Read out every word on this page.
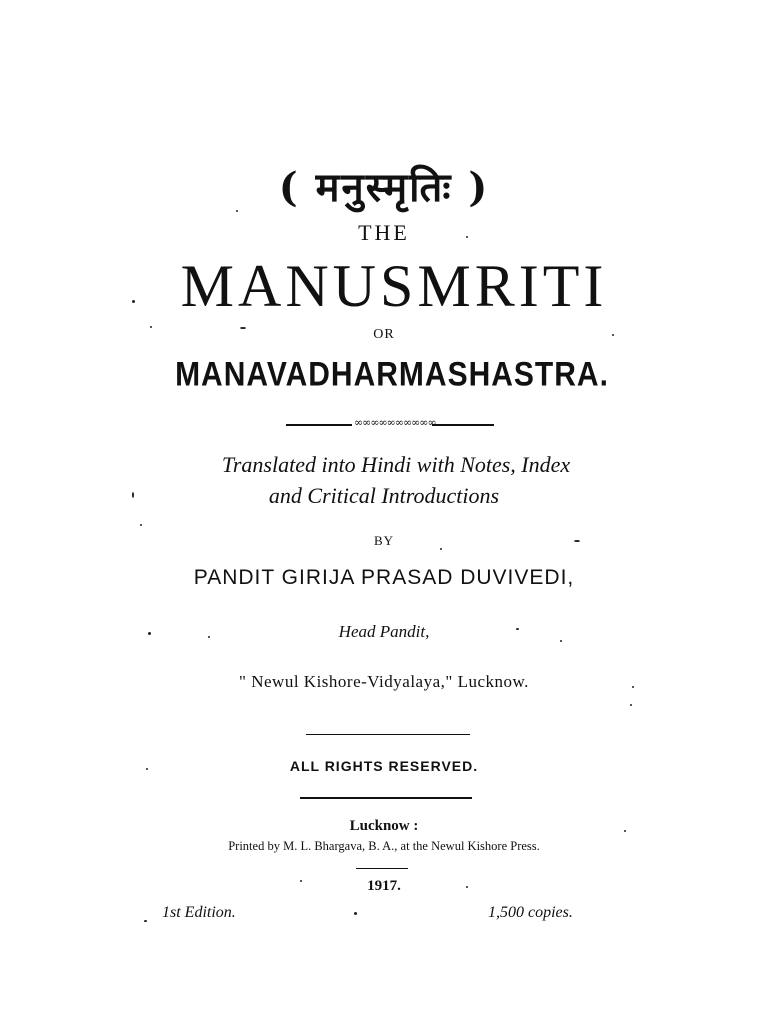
( मनुस्मृतिः )
THE
MANUSMRITI
OR
MANAVADHARMASHASTRA.
∞∞∞∞∞∞∞∞∞∞
Translated into Hindi with Notes, Index
and Critical Introductions
BY
PANDIT GIRIJA PRASAD DUVIVEDI,
Head Pandit,
" Newul Kishore-Vidyalaya," Lucknow.
ALL RIGHTS RESERVED.
Lucknow :
Printed by M. L. Bhargava, B. A., at the Newul Kishore Press.
1917.
1st Edition.	1,500 copies.
